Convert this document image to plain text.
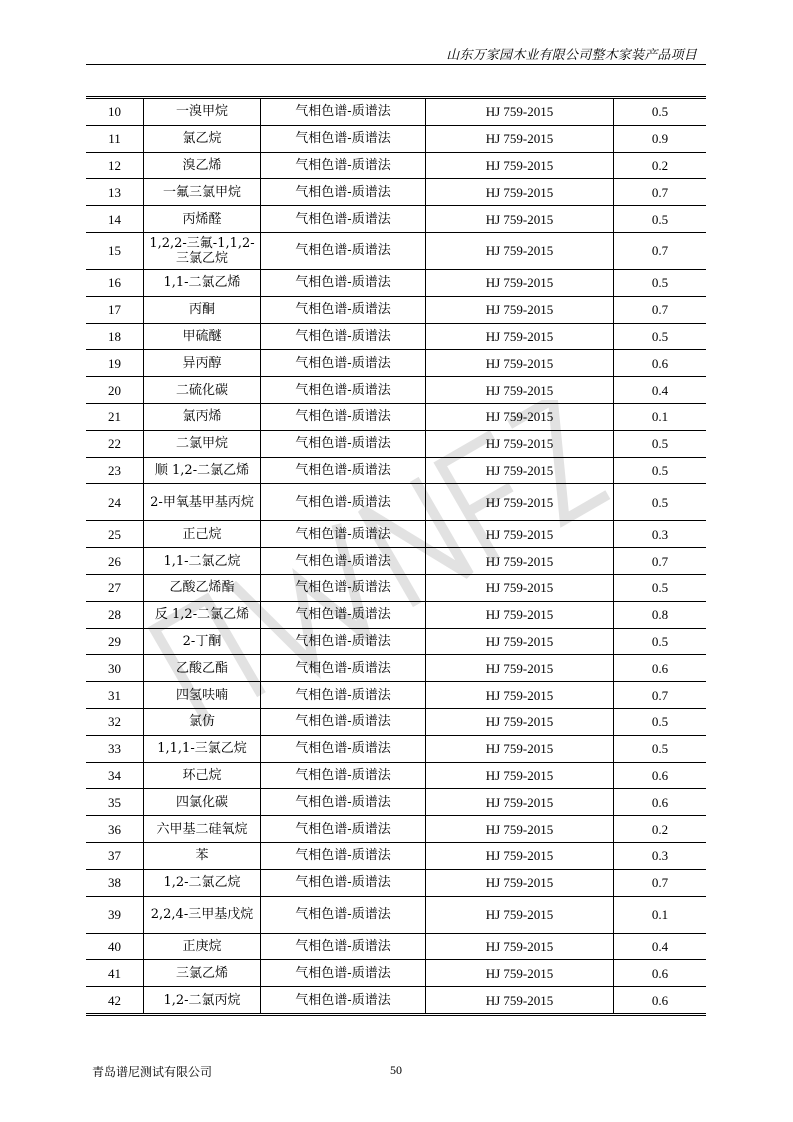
山东万家园木业有限公司整木家装产品项目
10	一溴甲烷	气相色谱-质谱法	HJ 759-2015	0.5
11	氯乙烷	气相色谱-质谱法	HJ 759-2015	0.9
12	溴乙烯	气相色谱-质谱法	HJ 759-2015	0.2
13	一氟三氯甲烷	气相色谱-质谱法	HJ 759-2015	0.7
14	丙烯醛	气相色谱-质谱法	HJ 759-2015	0.5
15	1,2,2-三氟-1,1,2-三氯乙烷	气相色谱-质谱法	HJ 759-2015	0.7
16	1,1-二氯乙烯	气相色谱-质谱法	HJ 759-2015	0.5
17	丙酮	气相色谱-质谱法	HJ 759-2015	0.7
18	甲硫醚	气相色谱-质谱法	HJ 759-2015	0.5
19	异丙醇	气相色谱-质谱法	HJ 759-2015	0.6
20	二硫化碳	气相色谱-质谱法	HJ 759-2015	0.4
21	氯丙烯	气相色谱-质谱法	HJ 759-2015	0.1
22	二氯甲烷	气相色谱-质谱法	HJ 759-2015	0.5
23	顺 1,2-二氯乙烯	气相色谱-质谱法	HJ 759-2015	0.5
24	2-甲氧基甲基丙烷	气相色谱-质谱法	HJ 759-2015	0.5
25	正己烷	气相色谱-质谱法	HJ 759-2015	0.3
26	1,1-二氯乙烷	气相色谱-质谱法	HJ 759-2015	0.7
27	乙酸乙烯酯	气相色谱-质谱法	HJ 759-2015	0.5
28	反 1,2-二氯乙烯	气相色谱-质谱法	HJ 759-2015	0.8
29	2-丁酮	气相色谱-质谱法	HJ 759-2015	0.5
30	乙酸乙酯	气相色谱-质谱法	HJ 759-2015	0.6
31	四氢呋喃	气相色谱-质谱法	HJ 759-2015	0.7
32	氯仿	气相色谱-质谱法	HJ 759-2015	0.5
33	1,1,1-三氯乙烷	气相色谱-质谱法	HJ 759-2015	0.5
34	环己烷	气相色谱-质谱法	HJ 759-2015	0.6
35	四氯化碳	气相色谱-质谱法	HJ 759-2015	0.6
36	六甲基二硅氧烷	气相色谱-质谱法	HJ 759-2015	0.2
37	苯	气相色谱-质谱法	HJ 759-2015	0.3
38	1,2-二氯乙烷	气相色谱-质谱法	HJ 759-2015	0.7
39	2,2,4-三甲基戊烷	气相色谱-质谱法	HJ 759-2015	0.1
40	正庚烷	气相色谱-质谱法	HJ 759-2015	0.4
41	三氯乙烯	气相色谱-质谱法	HJ 759-2015	0.6
42	1,2-二氯丙烷	气相色谱-质谱法	HJ 759-2015	0.6
青岛谱尼测试有限公司	50
